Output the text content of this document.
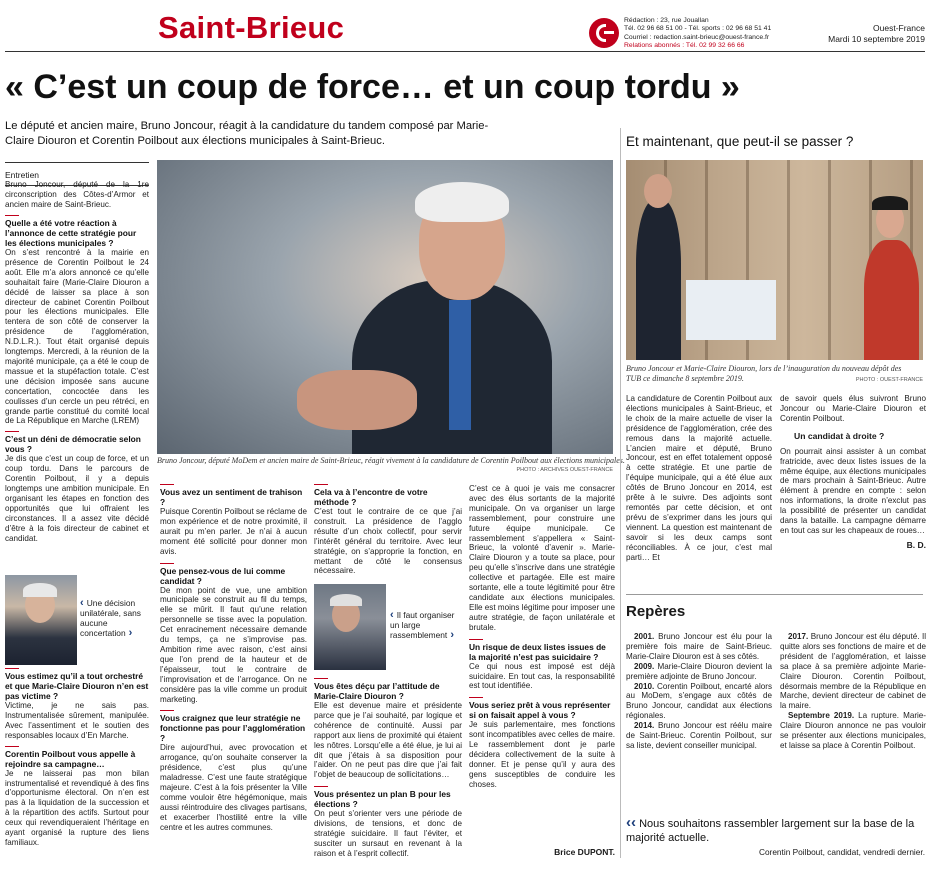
Saint-Brieuc	Rédaction : 23, rue Jouallan
Tél. 02 96 68 51 00 - Tél. sports : 02 96 68 51 41
Courriel : redaction.saint-brieuc@ouest-france.fr
Relations abonnés : Tél. 02 99 32 66 66
Ouest-France
Mardi 10 septembre 2019
« C’est un coup de force… et un coup tordu »
Le député et ancien maire, Bruno Joncour, réagit à la candidature du tandem composé par Marie-Claire Diouron et Corentin Poilbout aux élections municipales à Saint-Brieuc.
Entretien
Bruno Joncour, député de la 1re circonscription des Côtes-d’Armor et ancien maire de Saint-Brieuc.
Quelle a été votre réaction à l’annonce de cette stratégie pour les élections municipales ?
On s’est rencontré à la mairie en présence de Corentin Poilbout le 24 août. Elle m’a alors annoncé ce qu’elle souhaitait faire (Marie-Claire Diouron a décidé de laisser sa place à son directeur de cabinet Corentin Poilbout pour les élections municipales. Elle tentera de son côté de conserver la présidence de l’agglomération, N.D.L.R.). Tout était organisé depuis longtemps. Mercredi, à la réunion de la majorité municipale, ça a été le coup de massue et la stupéfaction totale. C’est une décision imposée sans aucune concertation, concoctée dans les coulisses d’un cercle un peu rétréci, en grande partie constitué du comité local de La République en Marche (LREM)
C’est un déni de démocratie selon vous ?
Je dis que c’est un coup de force, et un coup tordu. Dans le parcours de Corentin Poilbout, il y a depuis longtemps une ambition municipale. En organisant les étapes en fonction des opportunités que lui offraient les circonstances. Il a assez vite décidé d’être à la fois directeur de cabinet et candidat.
‹ Une décision unilatérale, sans aucune concertation ›
Vous estimez qu’il a tout orchestré et que Marie-Claire Diouron n’en est pas victime ?
Victime, je ne sais pas. Instrumentalisée sûrement, manipulée. Avec l’assentiment et le soutien des responsables locaux d’En Marche.
Corentin Poilbout vous appelle à rejoindre sa campagne…
Je ne laisserai pas mon bilan instrumentalisé et revendiqué à des fins d’opportunisme électoral. On n’en est pas à la liquidation de la succession et à la répartition des actifs. Surtout pour ceux qui revendiqueraient l’héritage en ayant organisé la rupture des liens familiaux.
Bruno Joncour, député MoDem et ancien maire de Saint-Brieuc, réagit vivement à la candidature de Corentin Poilbout aux élections municipales.
PHOTO : ARCHIVES OUEST-FRANCE
Vous avez un sentiment de trahison ?
Puisque Corentin Poilbout se réclame de mon expérience et de notre proximité, il aurait pu m’en parler. Je n’ai à aucun moment été sollicité pour donner mon avis.
Que pensez-vous de lui comme candidat ?
De mon point de vue, une ambition municipale se construit au fil du temps, elle se mûrit. Il faut qu’une relation personnelle se tisse avec la population. Cet enracinement nécessaire demande du temps, ça ne s’improvise pas. Ambition rime avec raison, c’est ainsi que l’on prend de la hauteur et de l’épaisseur, tout le contraire de l’improvisation et de l’arrogance. On ne considère pas la ville comme un produit marketing.
Vous craignez que leur stratégie ne fonctionne pas pour l’agglomération ?
Dire aujourd’hui, avec provocation et arrogance, qu’on souhaite conserver la présidence, c’est plus qu’une maladresse. C’est une faute stratégique majeure. C’est à la fois présenter la Ville comme vouloir être hégémonique, mais aussi réintroduire des clivages partisans, et exacerber l’hostilité entre la ville centre et les autres communes.
Cela va à l’encontre de votre méthode ?
C’est tout le contraire de ce que j’ai construit. La présidence de l’agglo résulte d’un choix collectif, pour servir l’intérêt général du territoire. Avec leur stratégie, on s’approprie la fonction, en mettant de côté le consensus nécessaire.
‹ Il faut organiser un large rassemblement ›
Vous êtes déçu par l’attitude de Marie-Claire Diouron ?
Elle est devenue maire et présidente parce que je l’ai souhaité, par logique et cohérence de continuité. Aussi par rapport aux liens de proximité qui étaient les nôtres. Lorsqu’elle a été élue, je lui ai dit que j’étais à sa disposition pour l’aider. On ne peut pas dire que j’ai fait l’objet de beaucoup de sollicitations…
Vous présentez un plan B pour les élections ?
On peut s’orienter vers une période de divisions, de tensions, et donc de stratégie suicidaire. Il faut l’éviter, et susciter un sursaut en revenant à la raison et à l’esprit collectif.
C’est ce à quoi je vais me consacrer avec des élus sortants de la majorité municipale. On va organiser un large rassemblement, pour construire une future équipe municipale. Ce rassemblement s’appellera « Saint-Brieuc, la volonté d’avenir ». Marie-Claire Diouron y a toute sa place, pour peu qu’elle s’inscrive dans une stratégie collective et partagée. Elle est maire sortante, elle a toute légitimité pour être candidate aux élections municipales. Elle est moins légitime pour imposer une autre stratégie, de façon unilatérale et brutale.
Un risque de deux listes issues de la majorité n’est pas suicidaire ?
Ce qui nous est imposé est déjà suicidaire. En tout cas, la responsabilité est tout identifiée.
Vous seriez prêt à vous représenter si on faisait appel à vous ?
Je suis parlementaire, mes fonctions sont incompatibles avec celles de maire. Le rassemblement dont je parle décidera collectivement de la suite à donner. Et je pense qu’il y aura des gens susceptibles de conduire les choses.
Brice DUPONT.
Et maintenant, que peut-il se passer ?
Bruno Joncour et Marie-Claire Diouron, lors de l’inauguration du nouveau dépôt des TUB ce dimanche 8 septembre 2019.	PHOTO : OUEST-FRANCE
La candidature de Corentin Poilbout aux élections municipales à Saint-Brieuc, et le choix de la maire actuelle de viser la présidence de l’agglomération, crée des remous dans la majorité actuelle. L’ancien maire et député, Bruno Joncour, est en effet totalement opposé à cette stratégie. Et une partie de l’équipe municipale, qui a été élue aux côtés de Bruno Joncour en 2014, est prête à le suivre. Des adjoints sont remontés par cette décision, et ont prévu de s’exprimer dans les jours qui viennent. La question est maintenant de savoir si les deux camps sont réconciliables. À ce jour, c’est mal parti… Et
de savoir quels élus suivront Bruno Joncour ou Marie-Claire Diouron et Corentin Poilbout.
Un candidat à droite ?
On pourrait ainsi assister à un combat fratricide, avec deux listes issues de la même équipe, aux élections municipales de mars prochain à Saint-Brieuc. Autre élément à prendre en compte : selon nos informations, la droite n’exclut pas la possibilité de présenter un candidat dans la bataille. La campagne démarre en tout cas sur les chapeaux de roues…
B. D.
Repères

2001. Bruno Joncour est élu pour la première fois maire de Saint-Brieuc. Marie-Claire Diouron est à ses côtés.

2009. Marie-Claire Diouron devient la première adjointe de Bruno Joncour.

2010. Corentin Poilbout, encarté alors au MoDem, s’engage aux côtés de Bruno Joncour, candidat aux élections régionales.

2014. Bruno Joncour est réélu maire de Saint-Brieuc. Corentin Poilbout, sur sa liste, devient conseiller municipal.

2017. Bruno Joncour est élu député. Il quitte alors ses fonctions de maire et de président de l’agglomération, et laisse sa place à sa première adjointe Marie-Claire Diouron. Corentin Poilbout, désormais membre de la République en Marche, devient directeur de cabinet de la maire.

Septembre 2019. La rupture. Marie-Claire Diouron annonce ne pas vouloir se présenter aux élections municipales, et laisse sa place à Corentin Poilbout.

‹‹ Nous souhaitons rassembler largement sur la base de la majorité actuelle.
Corentin Poilbout, candidat, vendredi dernier.
